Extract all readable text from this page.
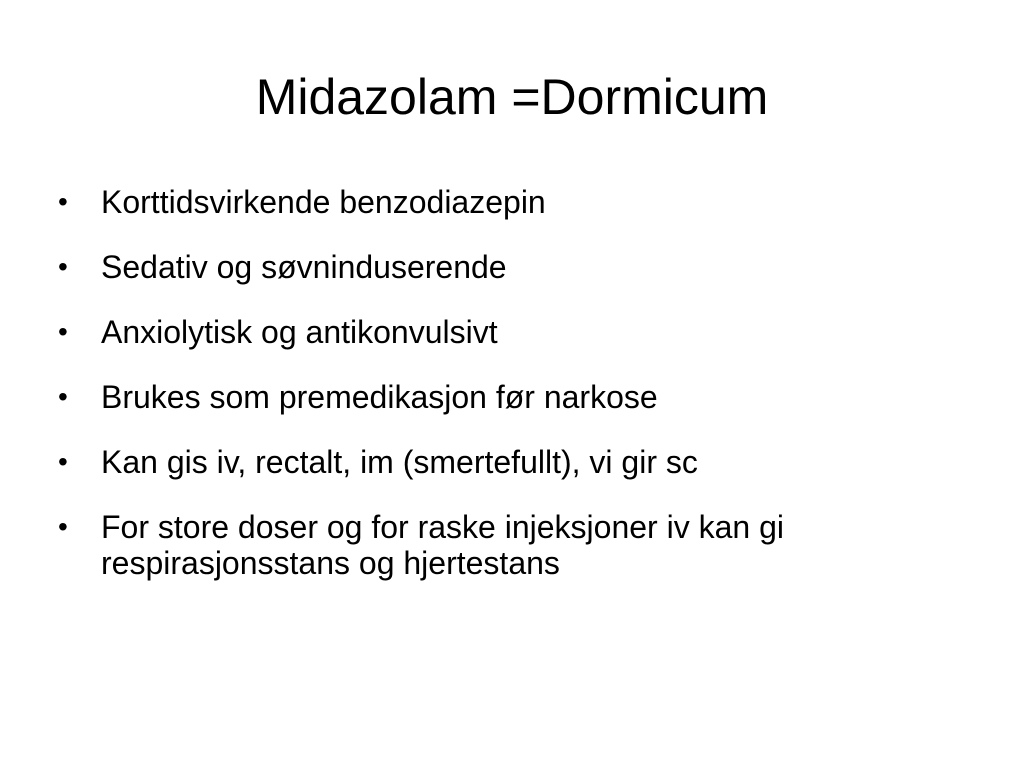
Midazolam =Dormicum
•	Korttidsvirkende benzodiazepin
•	Sedativ og søvninduserende
•	Anxiolytisk og antikonvulsivt
•	Brukes som premedikasjon før narkose
•	Kan gis iv, rectalt, im (smertefullt), vi gir sc
•	For store doser og for raske injeksjoner iv kan gi respirasjonsstans og hjertestans
